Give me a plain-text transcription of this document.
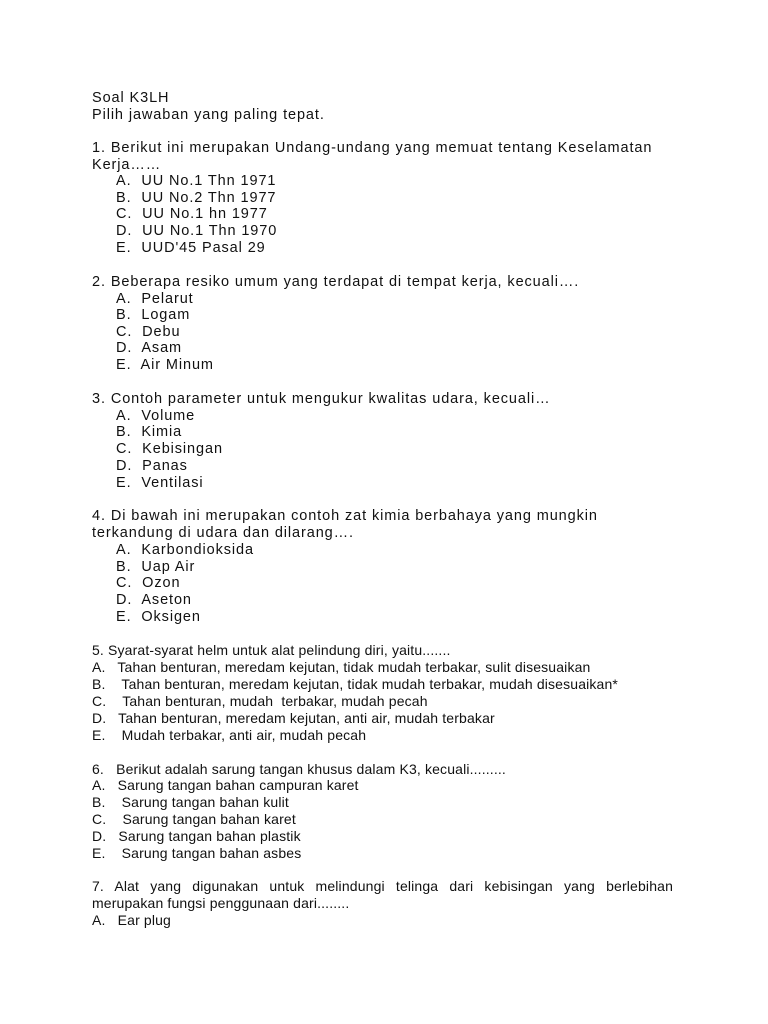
Soal K3LH
Pilih jawaban yang paling tepat.
1. Berikut ini merupakan Undang-undang yang memuat tentang Keselamatan
Kerja……
A.  UU No.1 Thn 1971
B.  UU No.2 Thn 1977
C.  UU No.1 hn 1977
D.  UU No.1 Thn 1970
E.  UUD'45 Pasal 29
2. Beberapa resiko umum yang terdapat di tempat kerja, kecuali….
A.  Pelarut
B.  Logam
C.  Debu
D.  Asam
E.  Air Minum
3. Contoh parameter untuk mengukur kwalitas udara, kecuali…
A.  Volume
B.  Kimia
C.  Kebisingan
D.  Panas
E.  Ventilasi
4. Di bawah ini merupakan contoh zat kimia berbahaya yang mungkin
terkandung di udara dan dilarang….
A.  Karbondioksida
B.  Uap Air
C.  Ozon
D.  Aseton
E.  Oksigen
5. Syarat-syarat helm untuk alat pelindung diri, yaitu.......
A.   Tahan benturan, meredam kejutan, tidak mudah terbakar, sulit disesuaikan
B.    Tahan benturan, meredam kejutan, tidak mudah terbakar, mudah disesuaikan*
C.    Tahan benturan, mudah  terbakar, mudah pecah
D.   Tahan benturan, meredam kejutan, anti air, mudah terbakar
E.    Mudah terbakar, anti air, mudah pecah
6.   Berikut adalah sarung tangan khusus dalam K3, kecuali.........
A.   Sarung tangan bahan campuran karet
B.    Sarung tangan bahan kulit
C.    Sarung tangan bahan karet
D.   Sarung tangan bahan plastik
E.    Sarung tangan bahan asbes
7. Alat yang digunakan untuk melindungi telinga dari kebisingan yang berlebihan
merupakan fungsi penggunaan dari........
A.   Ear plug
